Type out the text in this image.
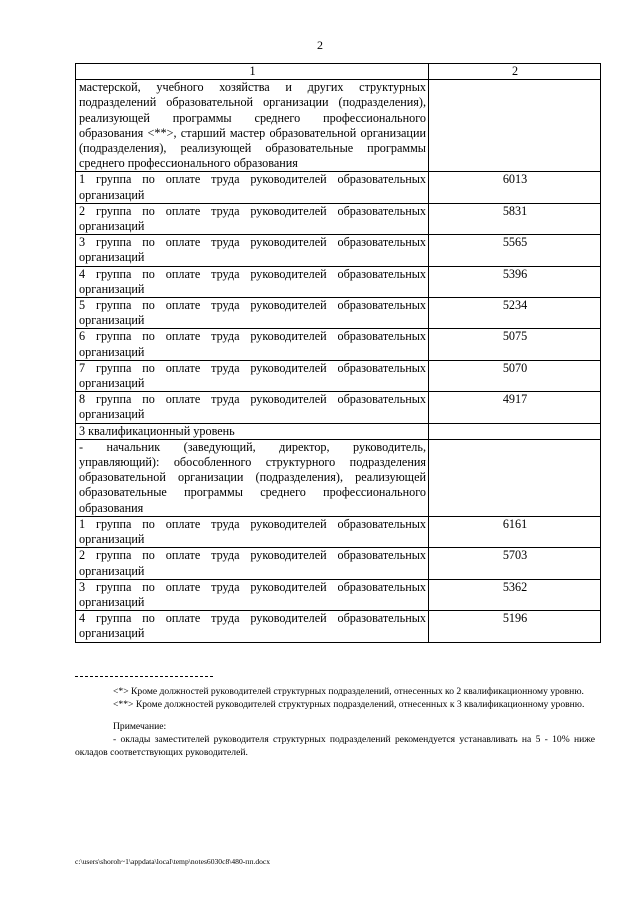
2
1	2
мастерской, учебного хозяйства и других структурных подразделений образовательной организации (подразделения), реализующей программы среднего профессионального образования <**>, старший мастер образовательной организации (подразделения), реализующей образовательные программы среднего профессионального образования	
1 группа по оплате труда руководителей образовательных организаций	6013
2 группа по оплате труда руководителей образовательных организаций	5831
3 группа по оплате труда руководителей образовательных организаций	5565
4 группа по оплате труда руководителей образовательных организаций	5396
5 группа по оплате труда руководителей образовательных организаций	5234
6 группа по оплате труда руководителей образовательных организаций	5075
7 группа по оплате труда руководителей образовательных организаций	5070
8 группа по оплате труда руководителей образовательных организаций	4917
3 квалификационный уровень	
- начальник (заведующий, директор, руководитель, управляющий): обособленного структурного подразделения образовательной организации (подразделения), реализующей образовательные программы среднего профессионального образования	
1 группа по оплате труда руководителей образовательных организаций	6161
2 группа по оплате труда руководителей образовательных организаций	5703
3 группа по оплате труда руководителей образовательных организаций	5362
4 группа по оплате труда руководителей образовательных организаций	5196

<*> Кроме должностей руководителей структурных подразделений, отнесенных ко 2 квалификационному уровню.

<**> Кроме должностей руководителей структурных подразделений, отнесенных к 3 квалификационному уровню.

Примечание:

- оклады заместителей руководителя структурных подразделений рекомендуется устанавливать на 5 - 10% ниже окладов соответствующих руководителей.

c:\users\shoroh~1\appdata\local\temp\notes6030c8\480-пп.docx
